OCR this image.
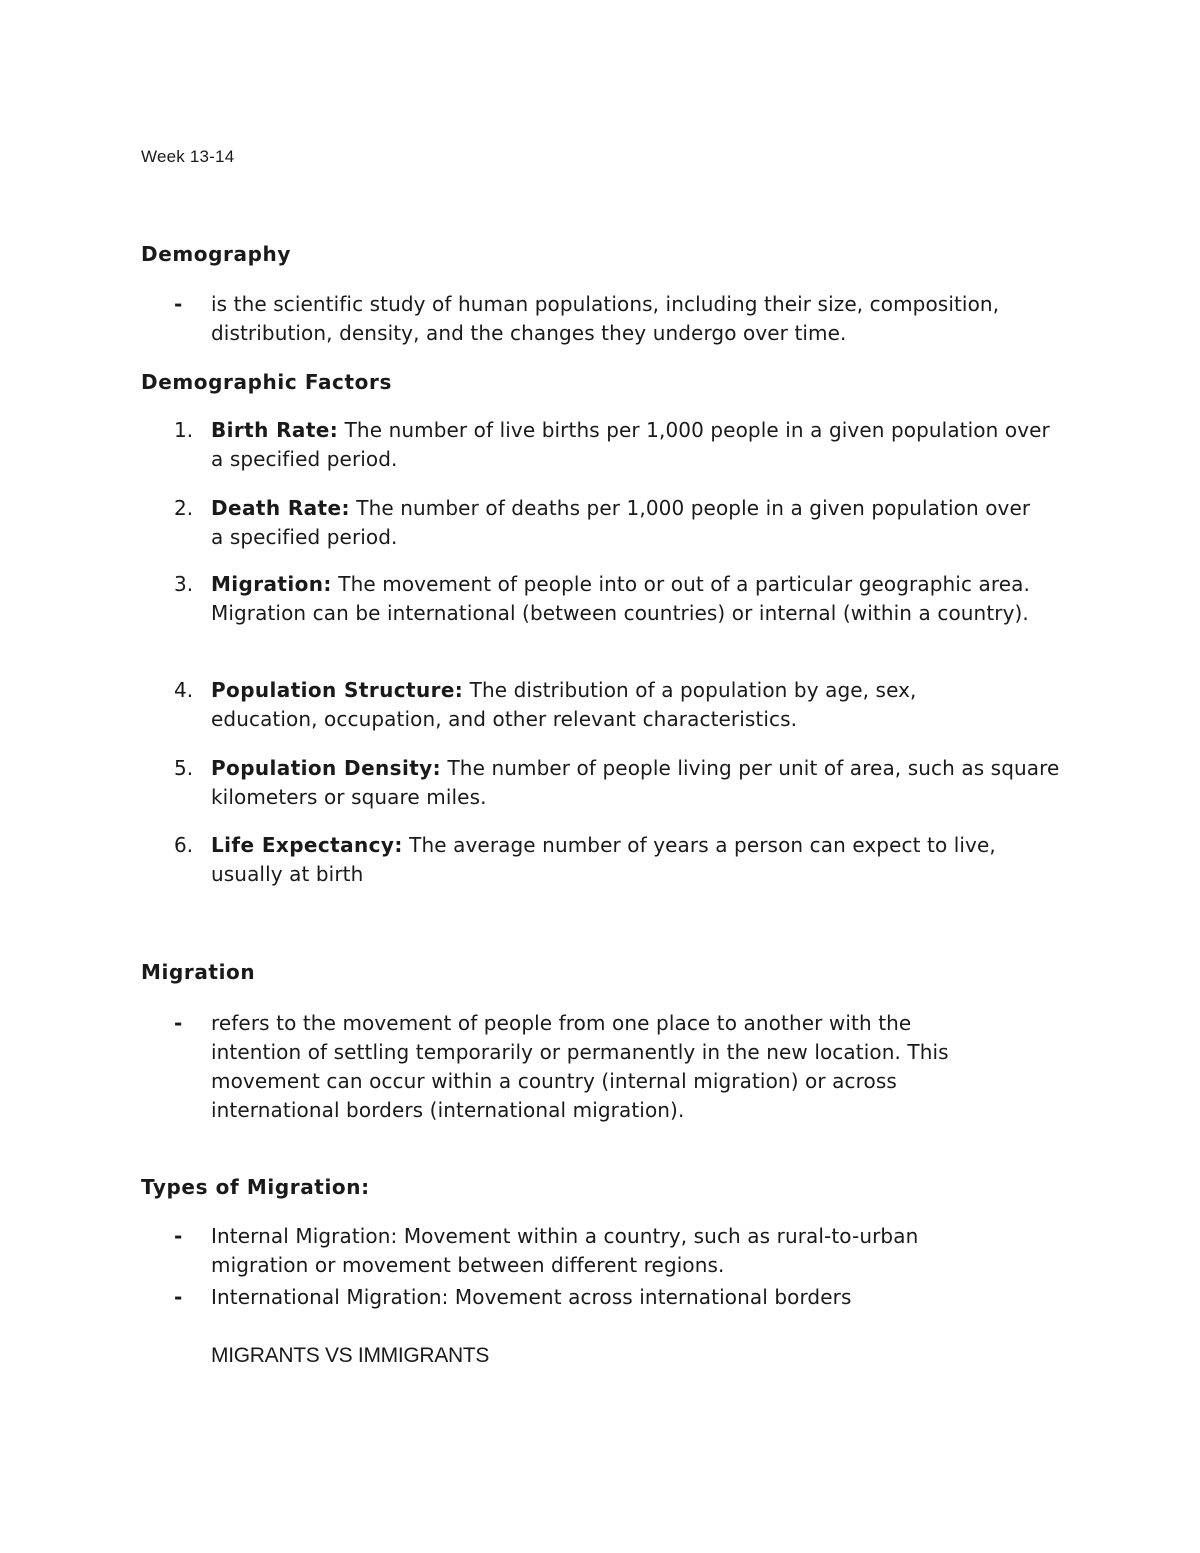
Week 13-14
Demography
- is the scientific study of human populations, including their size, composition, distribution, density, and the changes they undergo over time.
Demographic Factors
1. Birth Rate: The number of live births per 1,000 people in a given population over a specified period.
2. Death Rate: The number of deaths per 1,000 people in a given population over a specified period.
3. Migration: The movement of people into or out of a particular geographic area. Migration can be international (between countries) or internal (within a country).
4. Population Structure: The distribution of a population by age, sex, education, occupation, and other relevant characteristics.
5. Population Density: The number of people living per unit of area, such as square kilometers or square miles.
6. Life Expectancy: The average number of years a person can expect to live, usually at birth
Migration
- refers to the movement of people from one place to another with the intention of settling temporarily or permanently in the new location. This movement can occur within a country (internal migration) or across international borders (international migration).
Types of Migration:
- Internal Migration: Movement within a country, such as rural-to-urban migration or movement between different regions.
- International Migration: Movement across international borders
MIGRANTS VS IMMIGRANTS
